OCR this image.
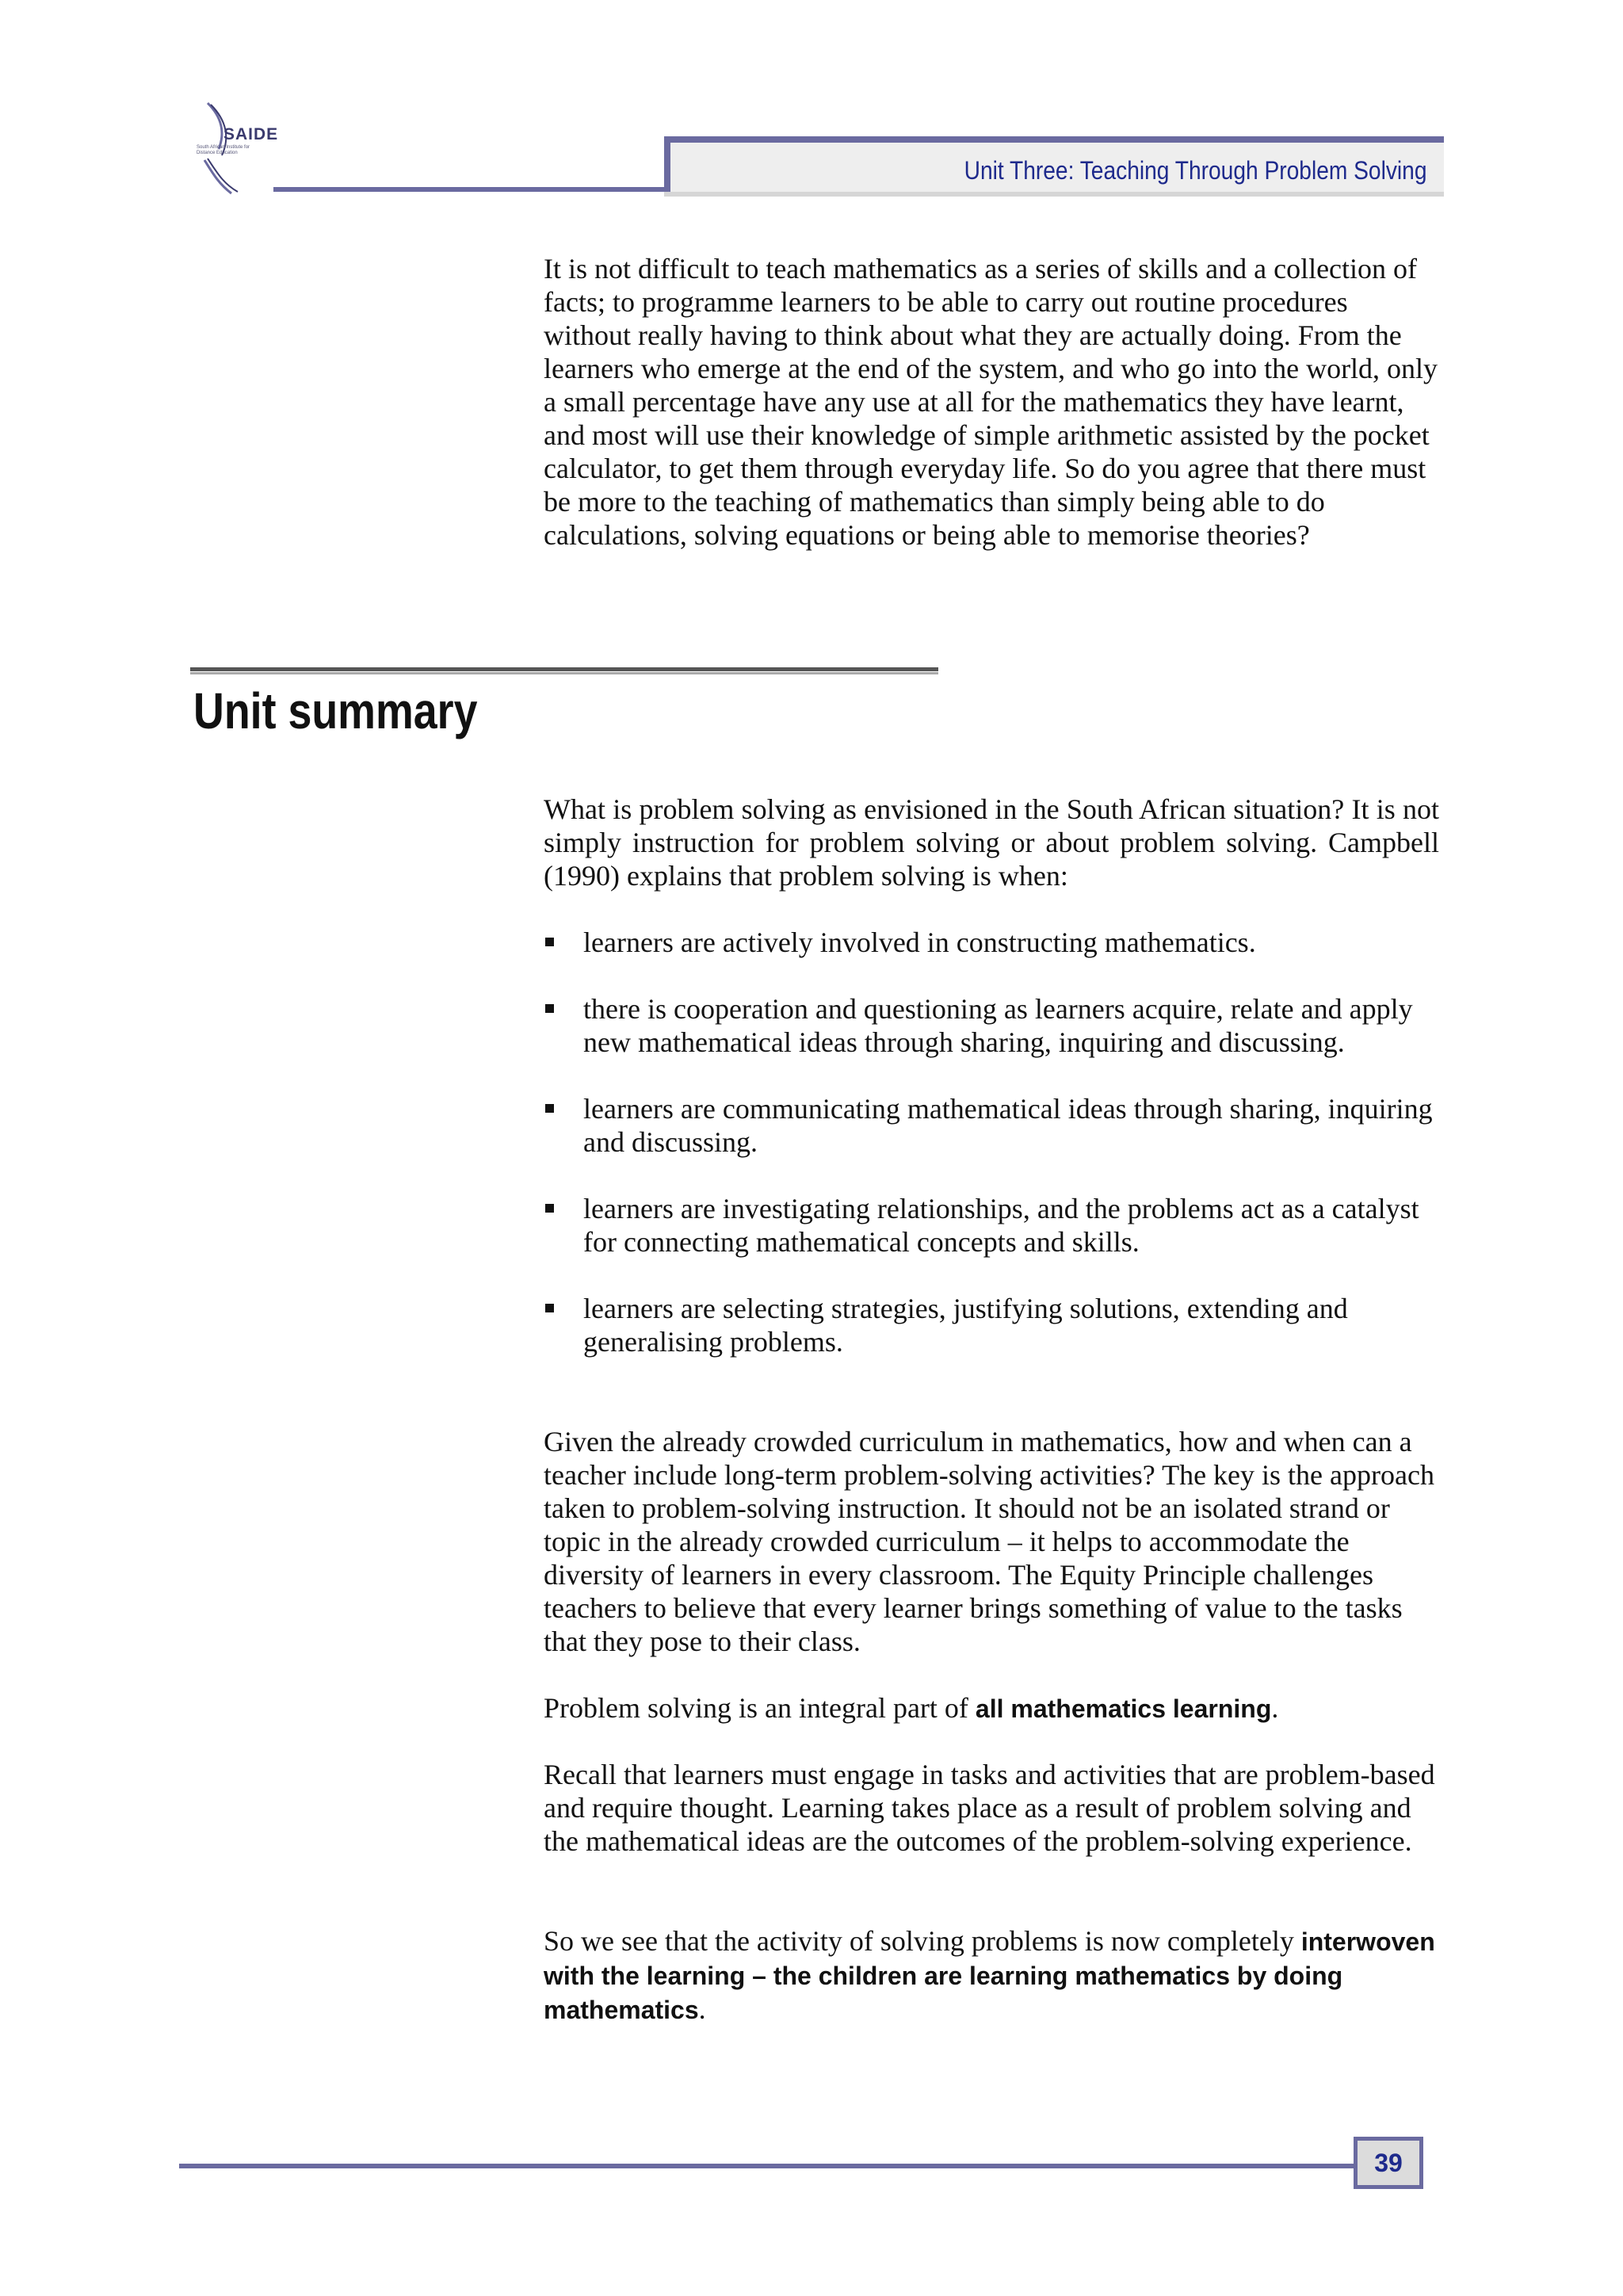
SAIDE
South African Institute for Distance Education
Unit Three: Teaching Through Problem Solving

It is not difficult to teach mathematics as a series of skills and a collection of facts; to programme learners to be able to carry out routine procedures without really having to think about what they are actually doing. From the learners who emerge at the end of the system, and who go into the world, only a small percentage have any use at all for the mathematics they have learnt, and most will use their knowledge of simple arithmetic assisted by the pocket calculator, to get them through everyday life. So do you agree that there must be more to the teaching of mathematics than simply being able to do calculations, solving equations or being able to memorise theories?

Unit summary

What is problem solving as envisioned in the South African situation? It is not simply instruction for problem solving or about problem solving. Campbell (1990) explains that problem solving is when:

learners are actively involved in constructing mathematics.
there is cooperation and questioning as learners acquire, relate and apply new mathematical ideas through sharing, inquiring and discussing.
learners are communicating mathematical ideas through sharing, inquiring and discussing.
learners are investigating relationships, and the problems act as a catalyst for connecting mathematical concepts and skills.
learners are selecting strategies, justifying solutions, extending and generalising problems.

Given the already crowded curriculum in mathematics, how and when can a teacher include long-term problem-solving activities? The key is the approach taken to problem-solving instruction. It should not be an isolated strand or topic in the already crowded curriculum – it helps to accommodate the diversity of learners in every classroom. The Equity Principle challenges teachers to believe that every learner brings something of value to the tasks that they pose to their class.

Problem solving is an integral part of all mathematics learning.

Recall that learners must engage in tasks and activities that are problem-based and require thought. Learning takes place as a result of problem solving and the mathematical ideas are the outcomes of the problem-solving experience.

So we see that the activity of solving problems is now completely interwoven with the learning – the children are learning mathematics by doing mathematics.

39
